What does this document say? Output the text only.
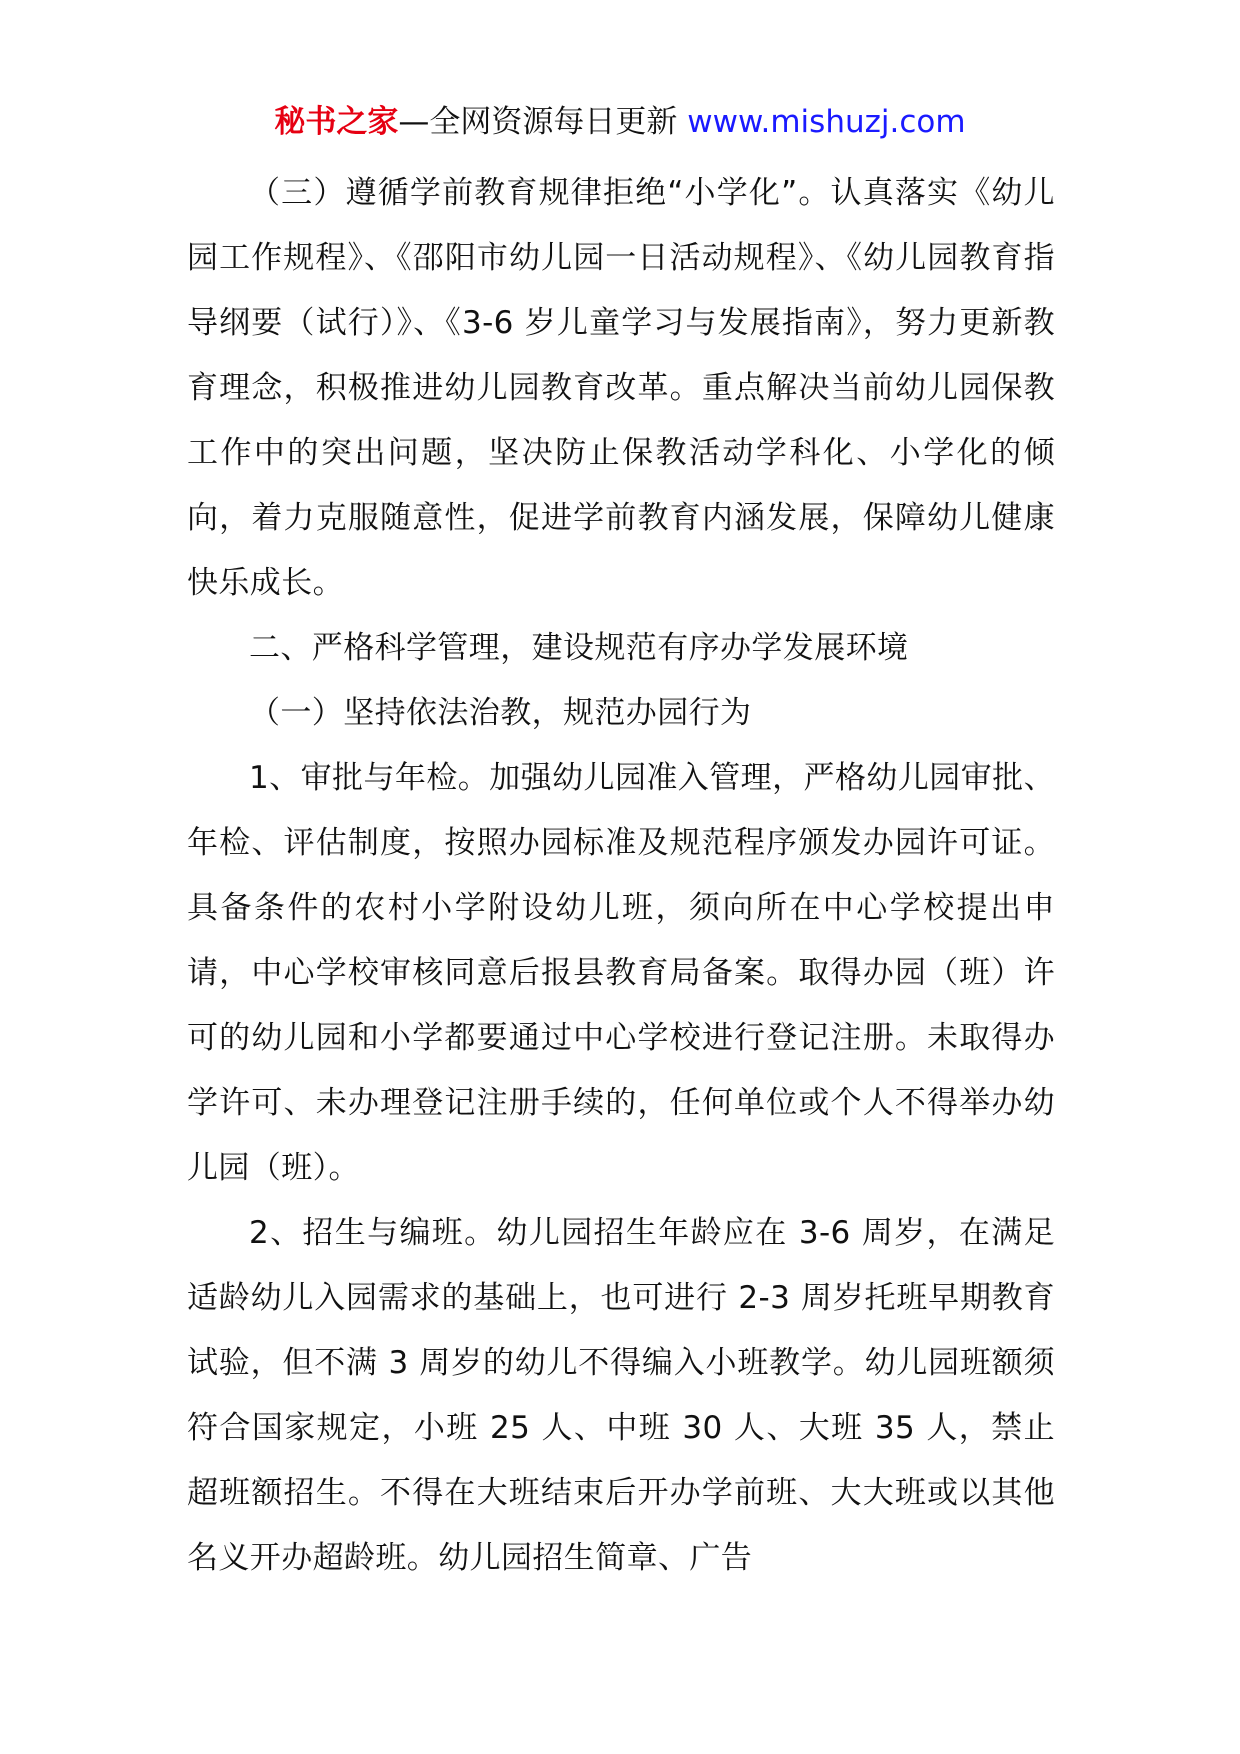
秘书之家—全网资源每日更新 www.mishuzj.com

（三）遵循学前教育规律拒绝“小学化”。认真落实《幼儿园工作规程》、《邵阳市幼儿园一日活动规程》、《幼儿园教育指导纲要（试行）》、《3-6 岁儿童学习与发展指南》，努力更新教育理念，积极推进幼儿园教育改革。重点解决当前幼儿园保教工作中的突出问题，坚决防止保教活动学科化、小学化的倾向，着力克服随意性，促进学前教育内涵发展，保障幼儿健康快乐成长。

二、严格科学管理，建设规范有序办学发展环境

（一）坚持依法治教，规范办园行为

1、审批与年检。加强幼儿园准入管理，严格幼儿园审批、年检、评估制度，按照办园标准及规范程序颁发办园许可证。具备条件的农村小学附设幼儿班，须向所在中心学校提出申请，中心学校审核同意后报县教育局备案。取得办园（班）许可的幼儿园和小学都要通过中心学校进行登记注册。未取得办学许可、未办理登记注册手续的，任何单位或个人不得举办幼儿园（班）。

2、招生与编班。幼儿园招生年龄应在 3-6 周岁，在满足适龄幼儿入园需求的基础上，也可进行 2-3 周岁托班早期教育试验，但不满 3 周岁的幼儿不得编入小班教学。幼儿园班额须符合国家规定，小班 25 人、中班 30 人、大班 35 人，禁止超班额招生。不得在大班结束后开办学前班、大大班或以其他名义开办超龄班。幼儿园招生简章、广告
